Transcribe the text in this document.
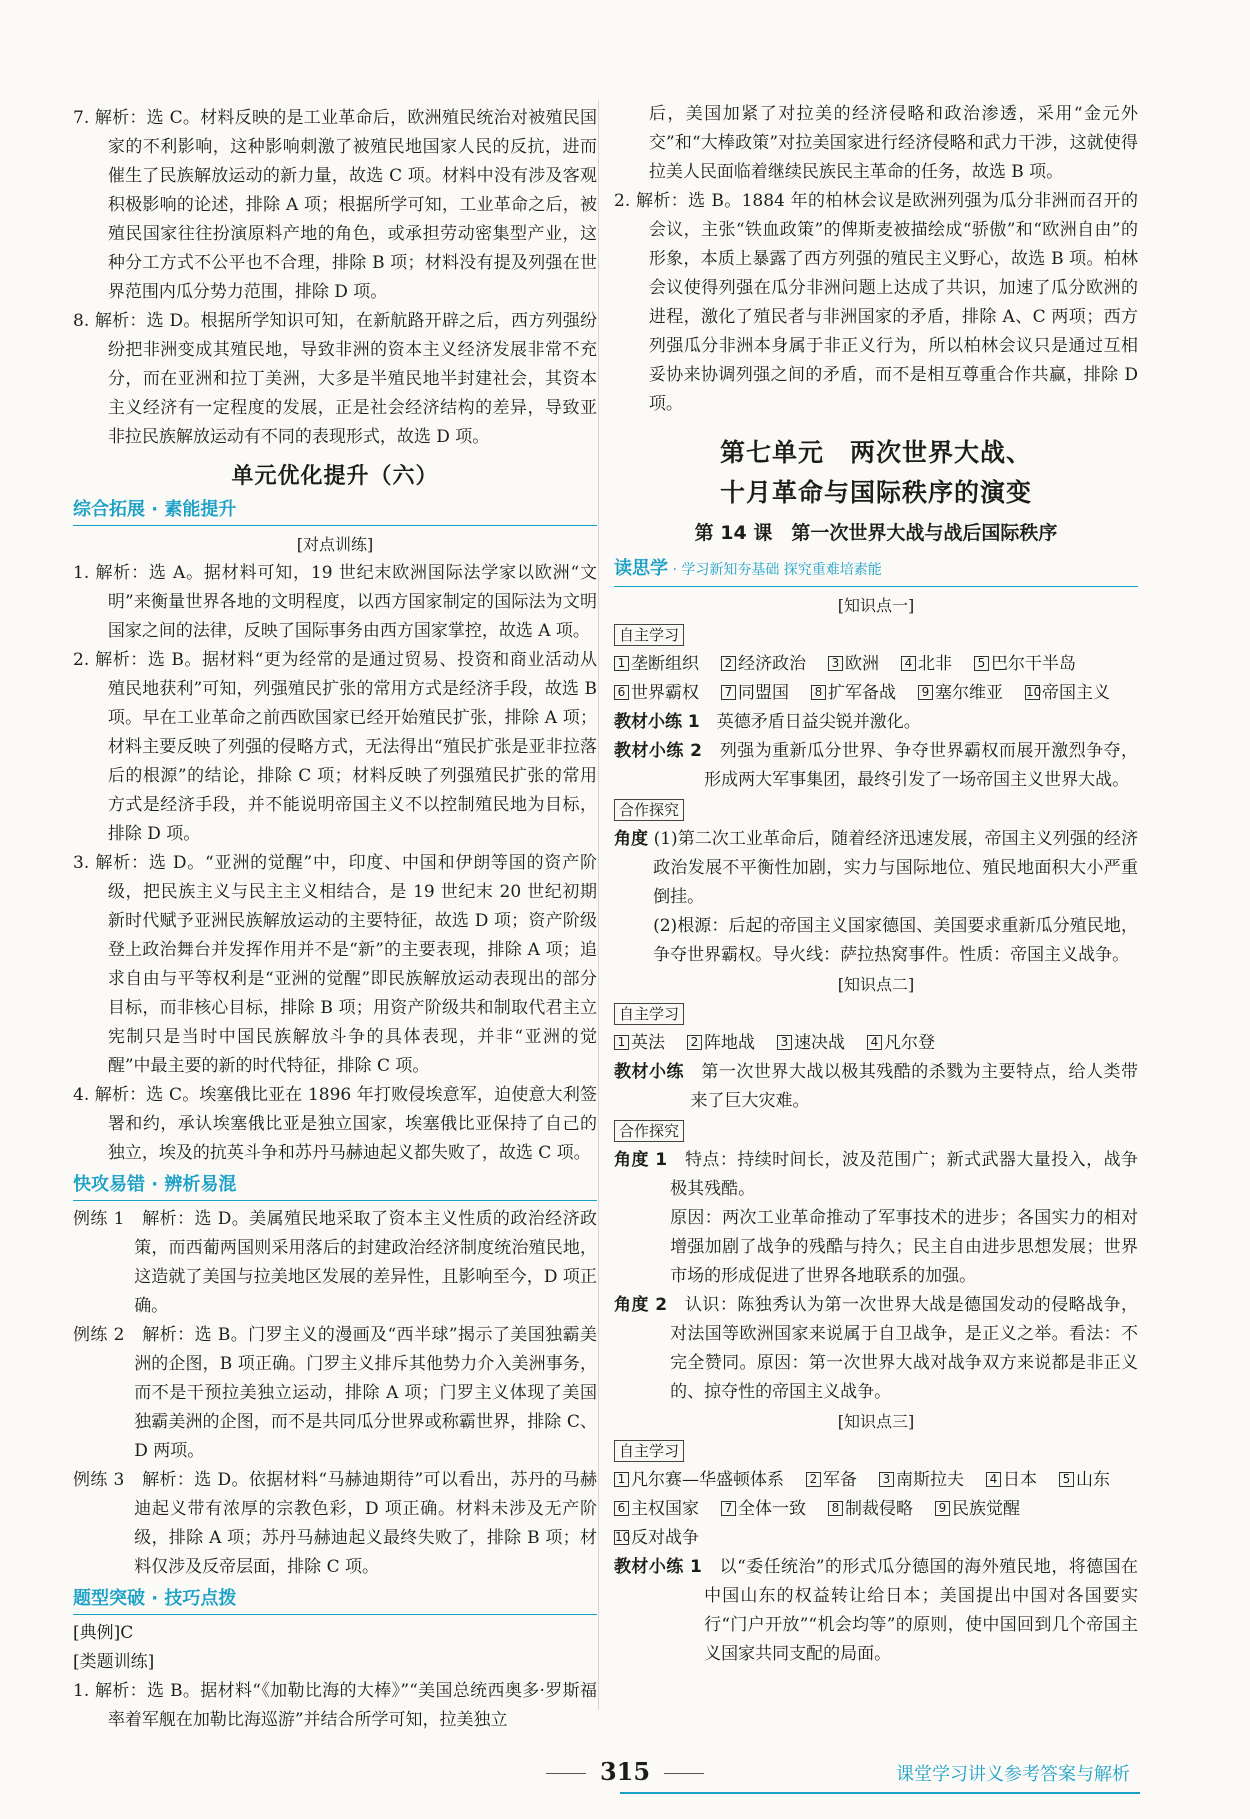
7. 解析：选 C。材料反映的是工业革命后，欧洲殖民统治对被殖民国家的不利影响，这种影响刺激了被殖民地国家人民的反抗，进而催生了民族解放运动的新力量，故选 C 项。材料中没有涉及客观积极影响的论述，排除 A 项；根据所学可知，工业革命之后，被殖民国家往往扮演原料产地的角色，或承担劳动密集型产业，这种分工方式不公平也不合理，排除 B 项；材料没有提及列强在世界范围内瓜分势力范围，排除 D 项。

8. 解析：选 D。根据所学知识可知，在新航路开辟之后，西方列强纷纷把非洲变成其殖民地，导致非洲的资本主义经济发展非常不充分，而在亚洲和拉丁美洲，大多是半殖民地半封建社会，其资本主义经济有一定程度的发展，正是社会经济结构的差异，导致亚非拉民族解放运动有不同的表现形式，故选 D 项。

单元优化提升（六）
综合拓展 · 素能提升
[对点训练]

1. 解析：选 A。据材料可知，19 世纪末欧洲国际法学家以欧洲“文明”来衡量世界各地的文明程度，以西方国家制定的国际法为文明国家之间的法律，反映了国际事务由西方国家掌控，故选 A 项。

2. 解析：选 B。据材料“更为经常的是通过贸易、投资和商业活动从殖民地获利”可知，列强殖民扩张的常用方式是经济手段，故选 B 项。早在工业革命之前西欧国家已经开始殖民扩张，排除 A 项；材料主要反映了列强的侵略方式，无法得出“殖民扩张是亚非拉落后的根源”的结论，排除 C 项；材料反映了列强殖民扩张的常用方式是经济手段，并不能说明帝国主义不以控制殖民地为目标，排除 D 项。

3. 解析：选 D。“亚洲的觉醒”中，印度、中国和伊朗等国的资产阶级，把民族主义与民主主义相结合，是 19 世纪末 20 世纪初期新时代赋予亚洲民族解放运动的主要特征，故选 D 项；资产阶级登上政治舞台并发挥作用并不是“新”的主要表现，排除 A 项；追求自由与平等权利是“亚洲的觉醒”即民族解放运动表现出的部分目标，而非核心目标，排除 B 项；用资产阶级共和制取代君主立宪制只是当时中国民族解放斗争的具体表现，并非“亚洲的觉醒”中最主要的新的时代特征，排除 C 项。

4. 解析：选 C。埃塞俄比亚在 1896 年打败侵埃意军，迫使意大利签署和约，承认埃塞俄比亚是独立国家，埃塞俄比亚保持了自己的独立，埃及的抗英斗争和苏丹马赫迪起义都失败了，故选 C 项。

快攻易错 · 辨析易混

例练 1　解析：选 D。美属殖民地采取了资本主义性质的政治经济政策，而西葡两国则采用落后的封建政治经济制度统治殖民地，这造就了美国与拉美地区发展的差异性，且影响至今，D 项正确。

例练 2　解析：选 B。门罗主义的漫画及“西半球”揭示了美国独霸美洲的企图，B 项正确。门罗主义排斥其他势力介入美洲事务，而不是干预拉美独立运动，排除 A 项；门罗主义体现了美国独霸美洲的企图，而不是共同瓜分世界或称霸世界，排除 C、D 两项。

例练 3　解析：选 D。依据材料“马赫迪期待”可以看出，苏丹的马赫迪起义带有浓厚的宗教色彩，D 项正确。材料未涉及无产阶级，排除 A 项；苏丹马赫迪起义最终失败了，排除 B 项；材料仅涉及反帝层面，排除 C 项。

题型突破 · 技巧点拨

[典例]C

[类题训练]

1. 解析：选 B。据材料“《加勒比海的大棒》”“美国总统西奥多·罗斯福率着军舰在加勒比海巡游”并结合所学可知，拉美独立

后，美国加紧了对拉美的经济侵略和政治渗透，采用“金元外交”和“大棒政策”对拉美国家进行经济侵略和武力干涉，这就使得拉美人民面临着继续民族民主革命的任务，故选 B 项。

2. 解析：选 B。1884 年的柏林会议是欧洲列强为瓜分非洲而召开的会议，主张“铁血政策”的俾斯麦被描绘成“骄傲”和“欧洲自由”的形象，本质上暴露了西方列强的殖民主义野心，故选 B 项。柏林会议使得列强在瓜分非洲问题上达成了共识，加速了瓜分欧洲的进程，激化了殖民者与非洲国家的矛盾，排除 A、C 两项；西方列强瓜分非洲本身属于非正义行为，所以柏林会议只是通过互相妥协来协调列强之间的矛盾，而不是相互尊重合作共赢，排除 D 项。

第七单元　两次世界大战、
十月革命与国际秩序的演变
第 14 课　第一次世界大战与战后国际秩序
读思学 · 学习新知夯基础 探究重难培素能
[知识点一]
自主学习
1 垄断组织 2 经济政治 3 欧洲 4 北非 5 巴尔干半岛6 世界霸权 7 同盟国 8 扩军备战 9 塞尔维亚 10帝国主义

教材小练 1　 英德矛盾日益尖锐并激化。

教材小练 2　 列强为重新瓜分世界、争夺世界霸权而展开激烈争夺，形成两大军事集团，最终引发了一场帝国主义世界大战。

合作探究

角度 (1)第二次工业革命后，随着经济迅速发展，帝国主义列强的经济政治发展不平衡性加剧，实力与国际地位、殖民地面积大小严重倒挂。

(2)根源：后起的帝国主义国家德国、美国要求重新瓜分殖民地，争夺世界霸权。导火线：萨拉热窝事件。性质：帝国主义战争。

[知识点二]
自主学习
1 英法 2 阵地战 3 速决战 4 凡尔登

教材小练　 第一次世界大战以极其残酷的杀戮为主要特点，给人类带来了巨大灾难。

合作探究

角度 1　 特点：持续时间长，波及范围广；新式武器大量投入，战争极其残酷。

原因：两次工业革命推动了军事技术的进步；各国实力的相对增强加剧了战争的残酷与持久；民主自由进步思想发展；世界市场的形成促进了世界各地联系的加强。

角度 2　 认识：陈独秀认为第一次世界大战是德国发动的侵略战争，对法国等欧洲国家来说属于自卫战争，是正义之举。看法：不完全赞同。原因：第一次世界大战对战争双方来说都是非正义的、掠夺性的帝国主义战争。

[知识点三]
自主学习
1 凡尔赛—华盛顿体系 2 军备 3 南斯拉夫 4 日本 5 山东6 主权国家 7 全体一致 8 制裁侵略 9 民族觉醒10反对战争

教材小练 1　 以“委任统治”的形式瓜分德国的海外殖民地，将德国在中国山东的权益转让给日本；美国提出中国对各国要实行“门户开放”“机会均等”的原则，使中国回到几个帝国主义国家共同支配的局面。

315	课堂学习讲义参考答案与解析
